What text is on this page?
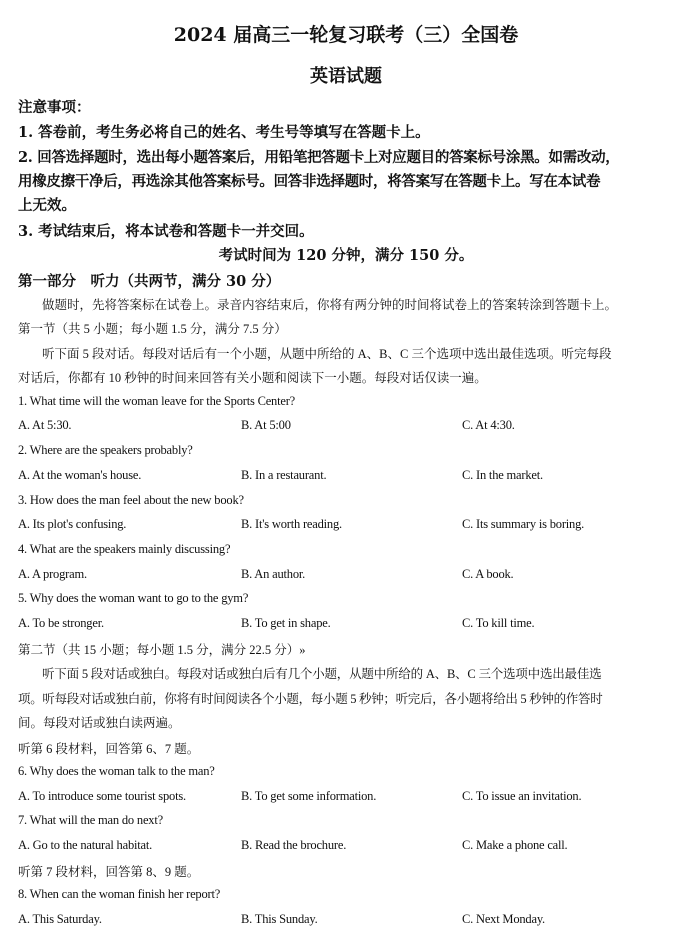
2024 届高三一轮复习联考（三）全国卷
英语试题
注意事项：
1. 答卷前，考生务必将自己的姓名、考生号等填写在答题卡上。
2. 回答选择题时，选出每小题答案后，用铅笔把答题卡上对应题目的答案标号涂黑。如需改动，
用橡皮擦干净后，再选涂其他答案标号。回答非选择题时，将答案写在答题卡上。写在本试卷
上无效。
3. 考试结束后，将本试卷和答题卡一并交回。
考试时间为 120 分钟，满分 150 分。
第一部分　听力（共两节，满分 30 分）
做题时，先将答案标在试卷上。录音内容结束后，你将有两分钟的时间将试卷上的答案转涂到答题卡上。
第一节（共 5 小题；每小题 1.5 分，满分 7.5 分）
听下面 5 段对话。每段对话后有一个小题，从题中所给的 A、B、C 三个选项中选出最佳选项。听完每段
对话后，你都有 10 秒钟的时间来回答有关小题和阅读下一小题。每段对话仅读一遍。
1. What time will the woman leave for the Sports Center?
A. At 5:30.	B. At 5:00	C. At 4:30.
2. Where are the speakers probably?
A. At the woman's house.	B. In a restaurant.	C. In the market.
3. How does the man feel about the new book?
A. Its plot's confusing.	B. It's worth reading.	C. Its summary is boring.
4. What are the speakers mainly discussing?
A. A program.	B. An author.	C. A book.
5. Why does the woman want to go to the gym?
A. To be stronger.	B. To get in shape.	C. To kill time.
第二节（共 15 小题；每小题 1.5 分，满分 22.5 分）»
听下面 5 段对话或独白。每段对话或独白后有几个小题，从题中所给的 A、B、C 三个选项中选出最佳选
项。听每段对话或独白前，你将有时间阅读各个小题，每小题 5 秒钟；听完后，各小题将给出 5 秒钟的作答时
间。每段对话或独白读两遍。
听第 6 段材料，回答第 6、7 题。
6. Why does the woman talk to the man?
A. To introduce some tourist spots.	B. To get some information.	C. To issue an invitation.
7. What will the man do next?
A. Go to the natural habitat.	B. Read the brochure.	C. Make a phone call.
听第 7 段材料，回答第 8、9 题。
8. When can the woman finish her report?
A. This Saturday.	B. This Sunday.	C. Next Monday.
